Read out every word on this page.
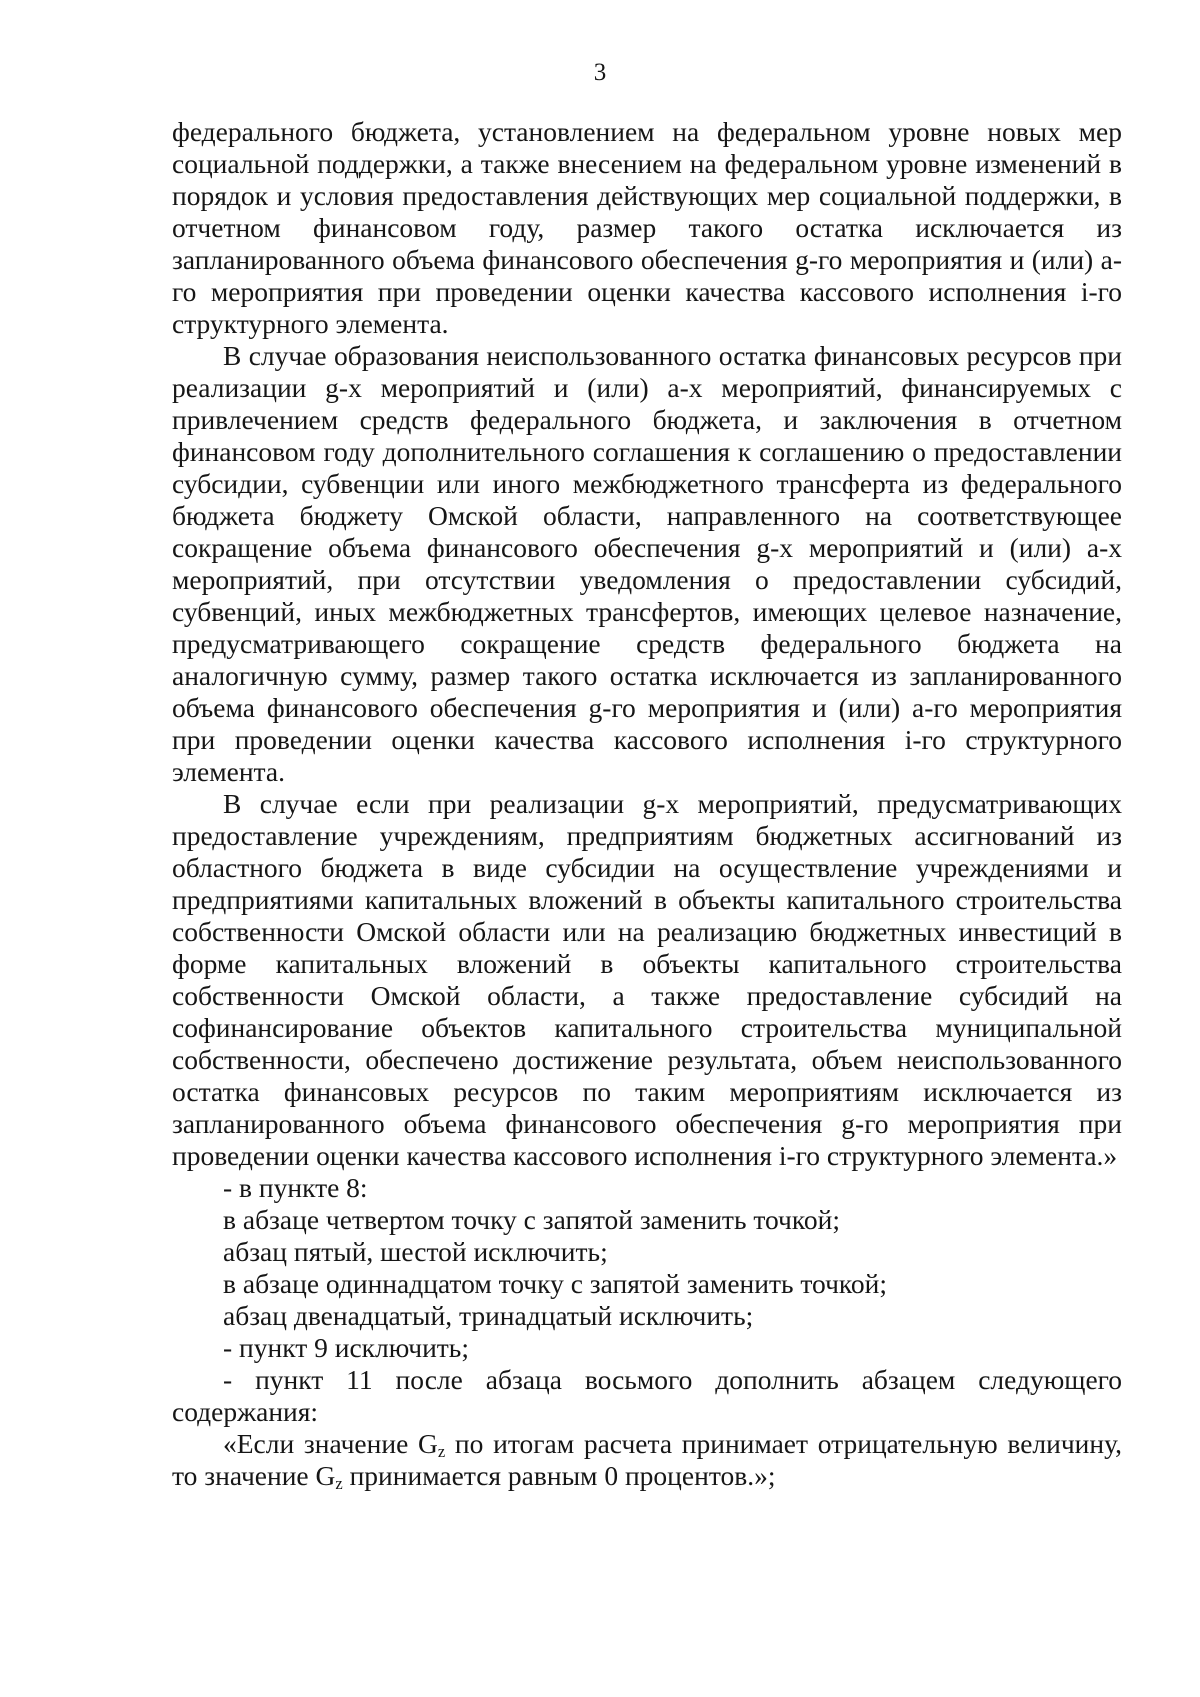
3

федерального бюджета, установлением на федеральном уровне новых мер социальной поддержки, а также внесением на федеральном уровне изменений в порядок и условия предоставления действующих мер социальной поддержки, в отчетном финансовом году, размер такого остатка исключается из запланированного объема финансового обеспечения g-го мероприятия и (или) a-го мероприятия при проведении оценки качества кассового исполнения i-го структурного элемента.

В случае образования неиспользованного остатка финансовых ресурсов при реализации g-х мероприятий и (или) а-х мероприятий, финансируемых с привлечением средств федерального бюджета, и заключения в отчетном финансовом году дополнительного соглашения к соглашению о предоставлении субсидии, субвенции или иного межбюджетного трансферта из федерального бюджета бюджету Омской области, направленного на соответствующее сокращение объема финансового обеспечения g-х мероприятий и (или) а-х мероприятий, при отсутствии уведомления о предоставлении субсидий, субвенций, иных межбюджетных трансфертов, имеющих целевое назначение, предусматривающего сокращение средств федерального бюджета на аналогичную сумму, размер такого остатка исключается из запланированного объема финансового обеспечения g-го мероприятия и (или) а-го мероприятия при проведении оценки качества кассового исполнения i-го структурного элемента.

В случае если при реализации g-х мероприятий, предусматривающих предоставление учреждениям, предприятиям бюджетных ассигнований из областного бюджета в виде субсидии на осуществление учреждениями и предприятиями капитальных вложений в объекты капитального строительства собственности Омской области или на реализацию бюджетных инвестиций в форме капитальных вложений в объекты капитального строительства собственности Омской области, а также предоставление субсидий на софинансирование объектов капитального строительства муниципальной собственности, обеспечено достижение результата, объем неиспользованного остатка финансовых ресурсов по таким мероприятиям исключается из запланированного объема финансового обеспечения g-го мероприятия при проведении оценки качества кассового исполнения i-го структурного элемента.»

- в пункте 8:

в абзаце четвертом точку с запятой заменить точкой;

абзац пятый, шестой исключить;

в абзаце одиннадцатом точку с запятой заменить точкой;

абзац двенадцатый, тринадцатый исключить;

- пункт 9 исключить;

- пункт 11 после абзаца восьмого дополнить абзацем следующего содержания:

«Если значение $G_z$ по итогам расчета принимает отрицательную величину, то значение $G_z$ принимается равным 0 процентов.»;
